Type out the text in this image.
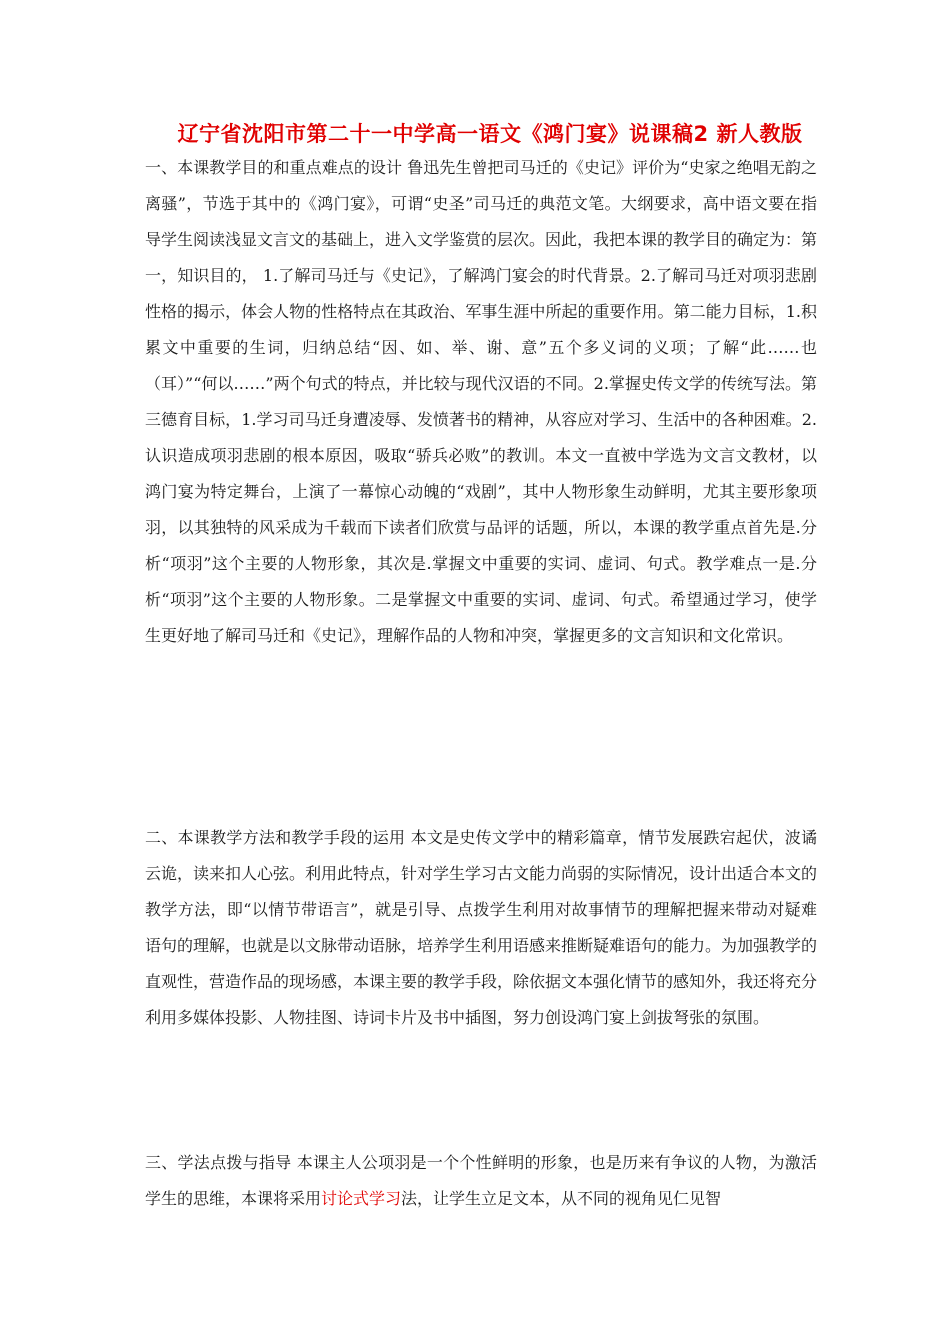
辽宁省沈阳市第二十一中学高一语文《鸿门宴》说课稿2 新人教版

一、本课教学目的和重点难点的设计 鲁迅先生曾把司马迁的《史记》评价为“史家之绝唱无韵之离骚”，节选于其中的《鸿门宴》，可谓“史圣”司马迁的典范文笔。大纲要求，高中语文要在指导学生阅读浅显文言文的基础上，进入文学鉴赏的层次。因此，我把本课的教学目的确定为：第一，知识目的， 1.了解司马迁与《史记》，了解鸿门宴会的时代背景。2.了解司马迁对项羽悲剧性格的揭示，体会人物的性格特点在其政治、军事生涯中所起的重要作用。第二能力目标，1.积累文中重要的生词，归纳总结“因、如、举、谢、意”五个多义词的义项；了解“此……也（耳）”“何以……”两个句式的特点，并比较与现代汉语的不同。2.掌握史传文学的传统写法。第三德育目标，1.学习司马迁身遭凌辱、发愤著书的精神，从容应对学习、生活中的各种困难。2.认识造成项羽悲剧的根本原因，吸取“骄兵必败”的教训。本文一直被中学选为文言文教材，以鸿门宴为特定舞台，上演了一幕惊心动魄的“戏剧”，其中人物形象生动鲜明，尤其主要形象项羽，以其独特的风采成为千载而下读者们欣赏与品评的话题，所以，本课的教学重点首先是.分析“项羽”这个主要的人物形象，其次是.掌握文中重要的实词、虚词、句式。教学难点一是.分析“项羽”这个主要的人物形象。二是掌握文中重要的实词、虚词、句式。希望通过学习，使学生更好地了解司马迁和《史记》，理解作品的人物和冲突，掌握更多的文言知识和文化常识。

二、本课教学方法和教学手段的运用 本文是史传文学中的精彩篇章，情节发展跌宕起伏，波谲云诡，读来扣人心弦。利用此特点，针对学生学习古文能力尚弱的实际情况，设计出适合本文的教学方法，即“以情节带语言”，就是引导、点拨学生利用对故事情节的理解把握来带动对疑难语句的理解，也就是以文脉带动语脉，培养学生利用语感来推断疑难语句的能力。为加强教学的直观性，营造作品的现场感，本课主要的教学手段，除依据文本强化情节的感知外，我还将充分利用多媒体投影、人物挂图、诗词卡片及书中插图，努力创设鸿门宴上剑拔弩张的氛围。

三、学法点拨与指导 本课主人公项羽是一个个性鲜明的形象，也是历来有争议的人物，为激活学生的思维，本课将采用讨论式学习法，让学生立足文本，从不同的视角见仁见智
